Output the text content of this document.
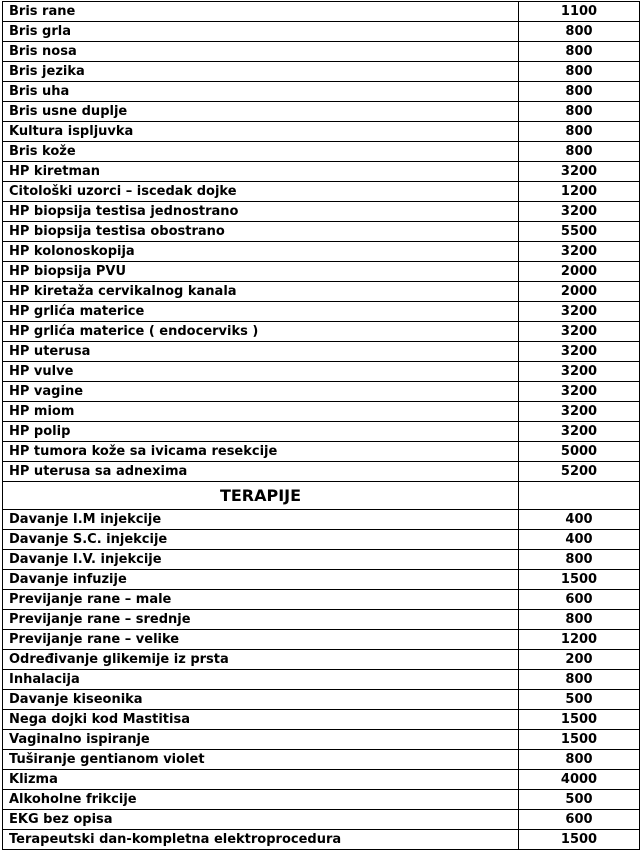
Bris rane	1100
Bris grla	800
Bris nosa	800
Bris jezika	800
Bris uha	800
Bris usne duplje	800
Kultura ispljuvka	800
Bris kože	800
HP kiretman	3200
Citološki uzorci – iscedak dojke	1200
HP biopsija testisa jednostrano	3200
HP biopsija testisa obostrano	5500
HP kolonoskopija	3200
HP biopsija PVU	2000
HP kiretaža cervikalnog kanala	2000
HP grlića materice	3200
HP grlića materice ( endocerviks )	3200
HP uterusa	3200
HP vulve	3200
HP vagine	3200
HP miom	3200
HP polip	3200
HP tumora kože sa ivicama resekcije	5000
HP uterusa sa adnexima	5200
TERAPIJE	
Davanje I.M injekcije	400
Davanje S.C. injekcije	400
Davanje I.V. injekcije	800
Davanje infuzije	1500
Previjanje rane – male	600
Previjanje rane – srednje	800
Previjanje rane – velike	1200
Određivanje glikemije iz prsta	200
Inhalacija	800
Davanje kiseonika	500
Nega dojki kod Mastitisa	1500
Vaginalno ispiranje	1500
Tuširanje gentianom violet	800
Klizma	4000
Alkoholne frikcije	500
EKG bez opisa	600
Terapeutski dan-kompletna elektroprocedura	1500
